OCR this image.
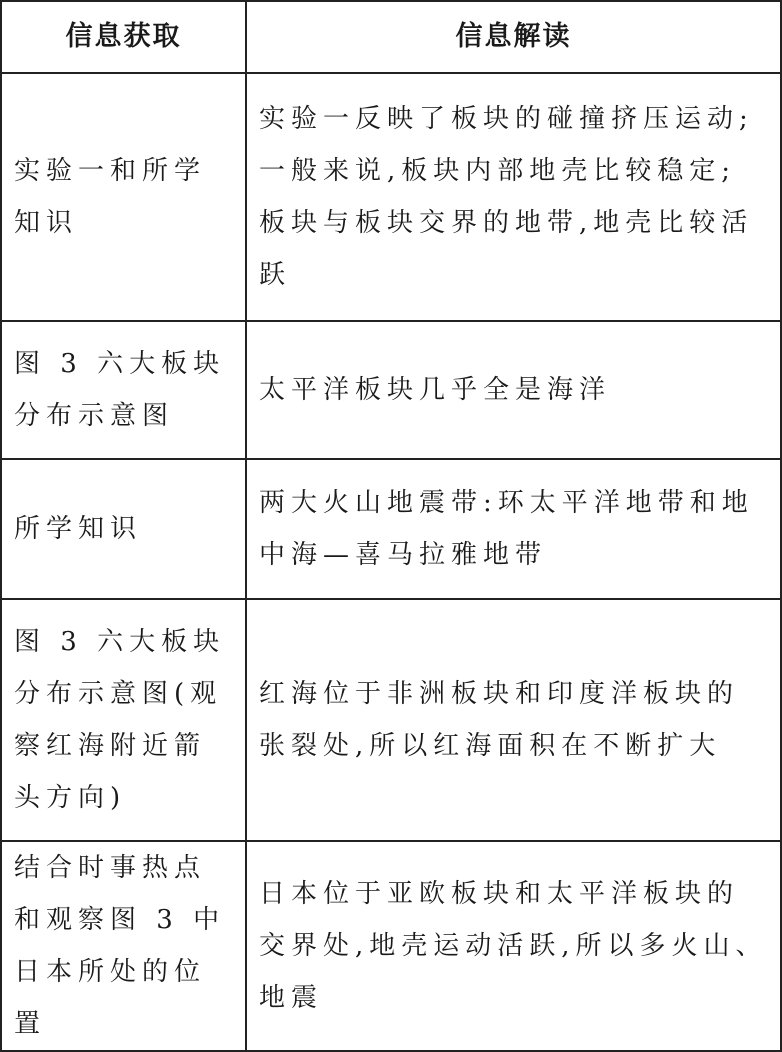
信息获取	信息解读
实验一和所学知识	实验一反映了板块的碰撞挤压运动;一般来说,板块内部地壳比较稳定;板块与板块交界的地带,地壳比较活跃
图 3 六大板块分布示意图	太平洋板块几乎全是海洋
所学知识	两大火山地震带:环太平洋地带和地中海—喜马拉雅地带
图 3 六大板块分布示意图(观察红海附近箭头方向)	红海位于非洲板块和印度洋板块的张裂处,所以红海面积在不断扩大
结合时事热点和观察图 3 中日本所处的位置	日本位于亚欧板块和太平洋板块的交界处,地壳运动活跃,所以多火山、地震
